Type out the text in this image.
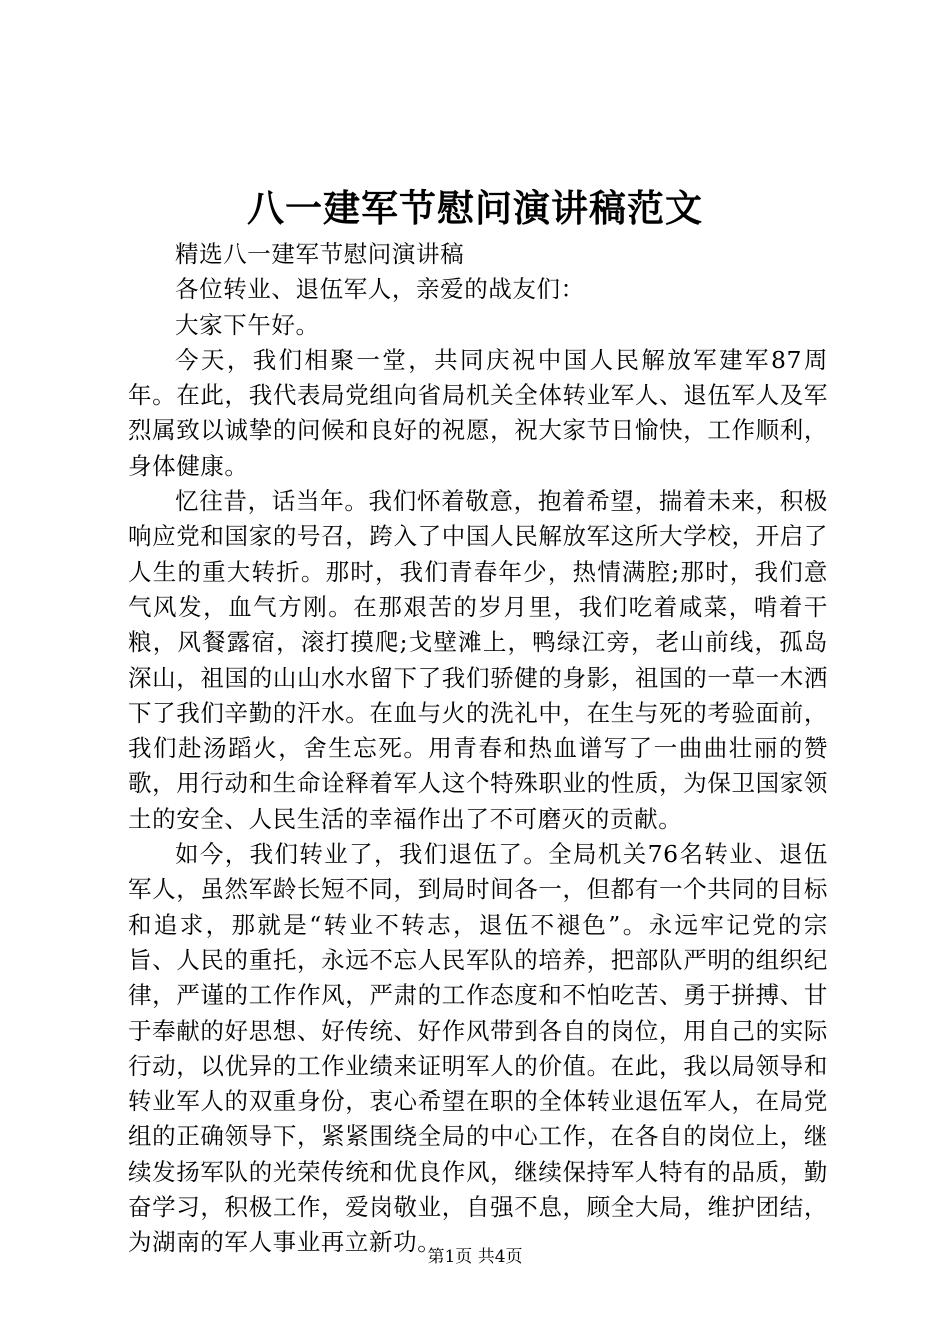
八一建军节慰问演讲稿范文

精选八一建军节慰问演讲稿

各位转业、退伍军人，亲爱的战友们：

大家下午好。

今天，我们相聚一堂，共同庆祝中国人民解放军建军87周年。在此，我代表局党组向省局机关全体转业军人、退伍军人及军烈属致以诚挚的问候和良好的祝愿，祝大家节日愉快，工作顺利，身体健康。

忆往昔，话当年。我们怀着敬意，抱着希望，揣着未来，积极响应党和国家的号召，跨入了中国人民解放军这所大学校，开启了人生的重大转折。那时，我们青春年少，热情满腔;那时，我们意气风发，血气方刚。在那艰苦的岁月里，我们吃着咸菜，啃着干粮，风餐露宿，滚打摸爬;戈壁滩上，鸭绿江旁，老山前线，孤岛深山，祖国的山山水水留下了我们骄健的身影，祖国的一草一木洒下了我们辛勤的汗水。在血与火的洗礼中，在生与死的考验面前，我们赴汤蹈火，舍生忘死。用青春和热血谱写了一曲曲壮丽的赞歌，用行动和生命诠释着军人这个特殊职业的性质，为保卫国家领土的安全、人民生活的幸福作出了不可磨灭的贡献。

如今，我们转业了，我们退伍了。全局机关76名转业、退伍军人，虽然军龄长短不同，到局时间各一，但都有一个共同的目标和追求，那就是“转业不转志，退伍不褪色”。永远牢记党的宗旨、人民的重托，永远不忘人民军队的培养，把部队严明的组织纪律，严谨的工作作风，严肃的工作态度和不怕吃苦、勇于拼搏、甘于奉献的好思想、好传统、好作风带到各自的岗位，用自己的实际行动，以优异的工作业绩来证明军人的价值。在此，我以局领导和转业军人的双重身份，衷心希望在职的全体转业退伍军人，在局党组的正确领导下，紧紧围绕全局的中心工作，在各自的岗位上，继续发扬军队的光荣传统和优良作风，继续保持军人特有的品质，勤奋学习，积极工作，爱岗敬业，自强不息，顾全大局，维护团结，为湖南的军人事业再立新功。

第1页 共4页
